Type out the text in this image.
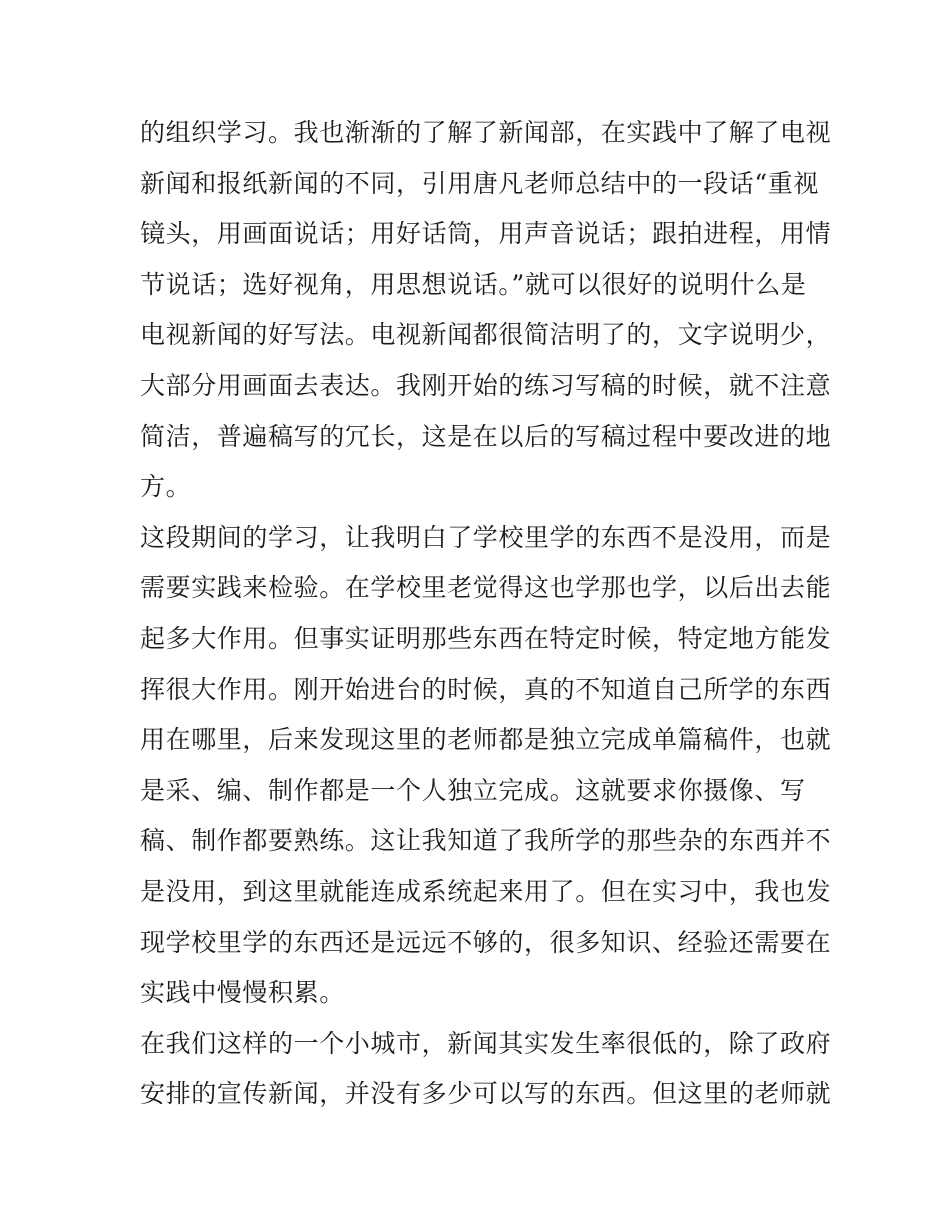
的组织学习。我也渐渐的了解了新闻部，在实践中了解了电视
新闻和报纸新闻的不同，引用唐凡老师总结中的一段话“重视
镜头，用画面说话；用好话筒，用声音说话；跟拍进程，用情
节说话；选好视角，用思想说话。”就可以很好的说明什么是
电视新闻的好写法。电视新闻都很简洁明了的，文字说明少，
大部分用画面去表达。我刚开始的练习写稿的时候，就不注意
简洁，普遍稿写的冗长，这是在以后的写稿过程中要改进的地
方。
这段期间的学习，让我明白了学校里学的东西不是没用，而是
需要实践来检验。在学校里老觉得这也学那也学，以后出去能
起多大作用。但事实证明那些东西在特定时候，特定地方能发
挥很大作用。刚开始进台的时候，真的不知道自己所学的东西
用在哪里，后来发现这里的老师都是独立完成单篇稿件，也就
是采、编、制作都是一个人独立完成。这就要求你摄像、写
稿、制作都要熟练。这让我知道了我所学的那些杂的东西并不
是没用，到这里就能连成系统起来用了。但在实习中，我也发
现学校里学的东西还是远远不够的，很多知识、经验还需要在
实践中慢慢积累。
在我们这样的一个小城市，新闻其实发生率很低的，除了政府
安排的宣传新闻，并没有多少可以写的东西。但这里的老师就
